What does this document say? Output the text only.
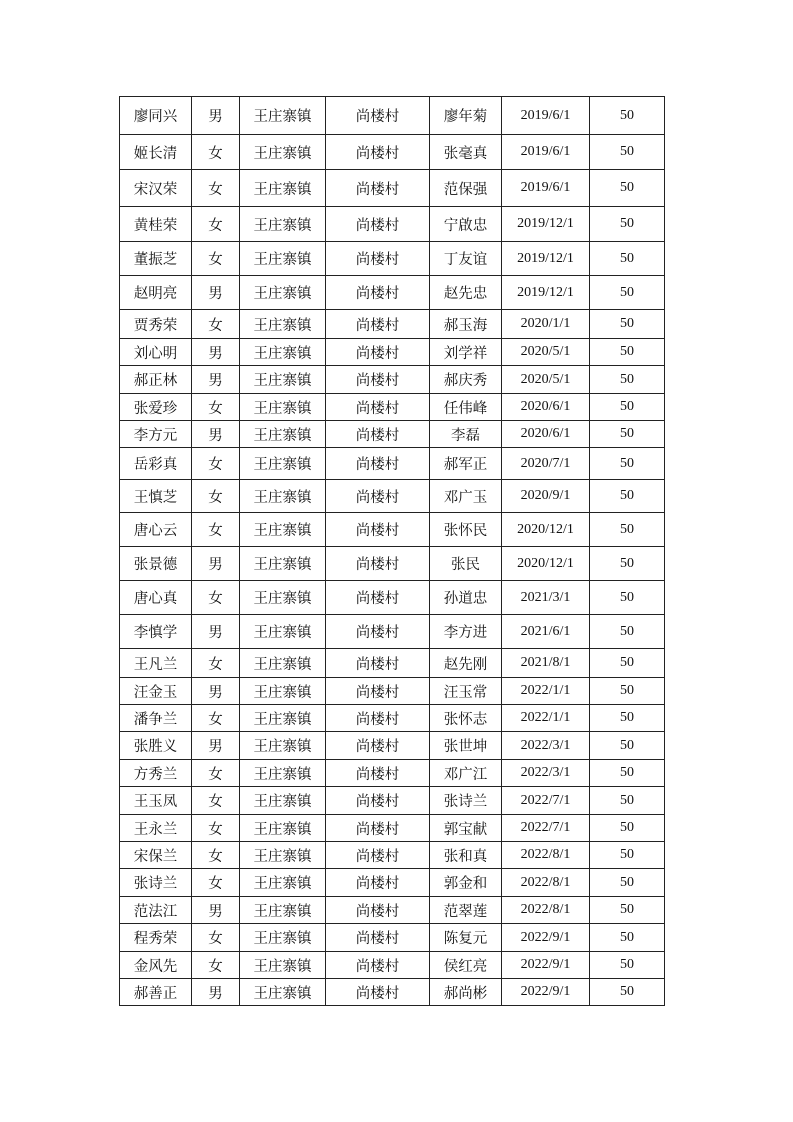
廖同兴	男	王庄寨镇	尚楼村	廖年菊	2019/6/1	50
姬长清	女	王庄寨镇	尚楼村	张毫真	2019/6/1	50
宋汉荣	女	王庄寨镇	尚楼村	范保强	2019/6/1	50
黄桂荣	女	王庄寨镇	尚楼村	宁啟忠	2019/12/1	50
董振芝	女	王庄寨镇	尚楼村	丁友谊	2019/12/1	50
赵明亮	男	王庄寨镇	尚楼村	赵先忠	2019/12/1	50
贾秀荣	女	王庄寨镇	尚楼村	郝玉海	2020/1/1	50
刘心明	男	王庄寨镇	尚楼村	刘学祥	2020/5/1	50
郝正林	男	王庄寨镇	尚楼村	郝庆秀	2020/5/1	50
张爱珍	女	王庄寨镇	尚楼村	任伟峰	2020/6/1	50
李方元	男	王庄寨镇	尚楼村	李磊	2020/6/1	50
岳彩真	女	王庄寨镇	尚楼村	郝军正	2020/7/1	50
王慎芝	女	王庄寨镇	尚楼村	邓广玉	2020/9/1	50
唐心云	女	王庄寨镇	尚楼村	张怀民	2020/12/1	50
张景德	男	王庄寨镇	尚楼村	张民	2020/12/1	50
唐心真	女	王庄寨镇	尚楼村	孙道忠	2021/3/1	50
李慎学	男	王庄寨镇	尚楼村	李方进	2021/6/1	50
王凡兰	女	王庄寨镇	尚楼村	赵先刚	2021/8/1	50
汪金玉	男	王庄寨镇	尚楼村	汪玉常	2022/1/1	50
潘争兰	女	王庄寨镇	尚楼村	张怀志	2022/1/1	50
张胜义	男	王庄寨镇	尚楼村	张世坤	2022/3/1	50
方秀兰	女	王庄寨镇	尚楼村	邓广江	2022/3/1	50
王玉凤	女	王庄寨镇	尚楼村	张诗兰	2022/7/1	50
王永兰	女	王庄寨镇	尚楼村	郭宝献	2022/7/1	50
宋保兰	女	王庄寨镇	尚楼村	张和真	2022/8/1	50
张诗兰	女	王庄寨镇	尚楼村	郭金和	2022/8/1	50
范法江	男	王庄寨镇	尚楼村	范翠莲	2022/8/1	50
程秀荣	女	王庄寨镇	尚楼村	陈复元	2022/9/1	50
金风先	女	王庄寨镇	尚楼村	侯红亮	2022/9/1	50
郝善正	男	王庄寨镇	尚楼村	郝尚彬	2022/9/1	50
